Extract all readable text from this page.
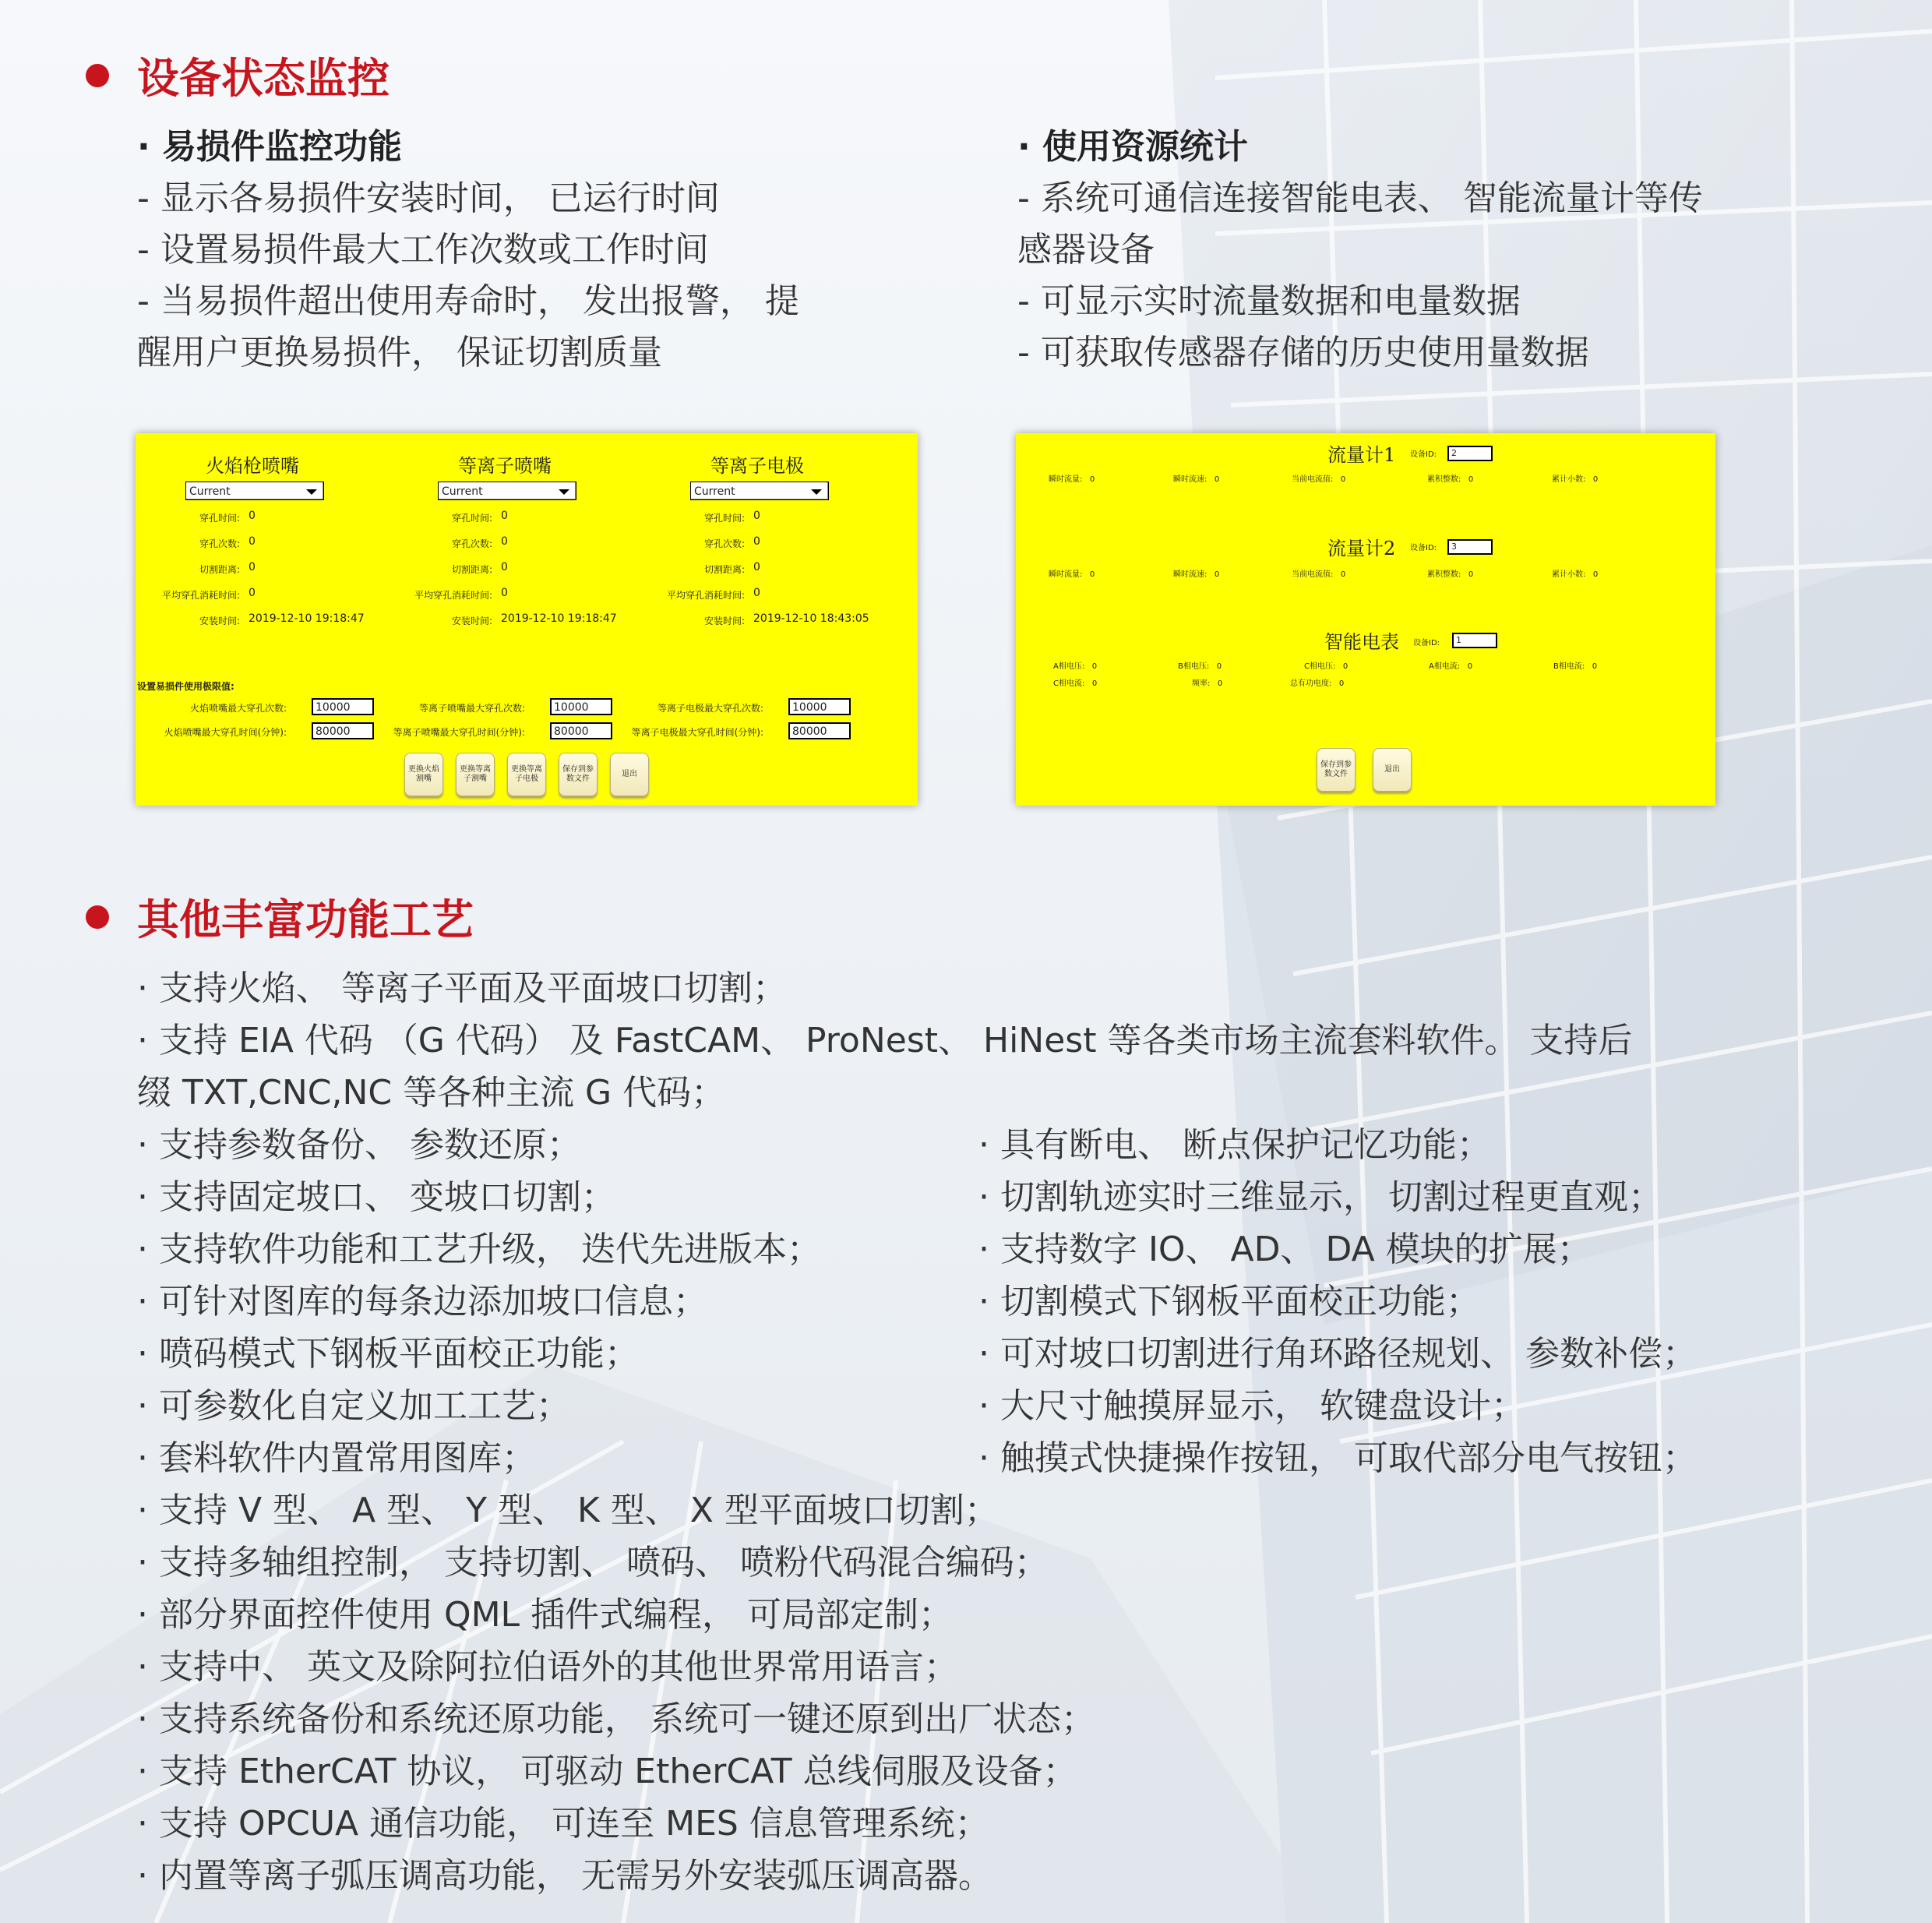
设备状态监控
· 易损件监控功能
- 显示各易损件安装时间， 已运行时间
- 设置易损件最大工作次数或工作时间
- 当易损件超出使用寿命时， 发出报警， 提
醒用户更换易损件， 保证切割质量
· 使用资源统计
- 系统可通信连接智能电表、 智能流量计等传
感器设备
- 可显示实时流量数据和电量数据
- 可获取传感器存储的历史使用量数据
火焰枪喷嘴
Current
穿孔时间: 0
穿孔次数: 0
切割距离: 0
平均穿孔消耗时间: 0
安装时间: 2019-12-10 19:18:47
等离子喷嘴
Current
穿孔时间: 0
穿孔次数: 0
切割距离: 0
平均穿孔消耗时间: 0
安装时间: 2019-12-10 19:18:47
等离子电极
Current
穿孔时间: 0
穿孔次数: 0
切割距离: 0
平均穿孔消耗时间: 0
安装时间: 2019-12-10 18:43:05
设置易损件使用极限值:
火焰喷嘴最大穿孔次数:	10000	等离子喷嘴最大穿孔次数:	10000	等离子电极最大穿孔次数:	10000
火焰喷嘴最大穿孔时间(分钟):	80000	等离子喷嘴最大穿孔时间(分钟):	80000	等离子电极最大穿孔时间(分钟):	80000
更换火焰割嘴
更换等离子割嘴
更换等离子电极
保存到参数文件
退出
流量计1 设备ID:	2
瞬时流量: 0	瞬时流速: 0	当前电流值: 0	累积整数: 0	累计小数: 0
流量计2 设备ID:	3
瞬时流量: 0	瞬时流速: 0	当前电流值: 0	累积整数: 0	累计小数: 0
智能电表 设备ID:	1
A相电压: 0	B相电压: 0	C相电压: 0	A相电流: 0	B相电流: 0
C相电流: 0	频率: 0	总有功电度: 0
保存到参数文件
退出
其他丰富功能工艺
· 支持火焰、 等离子平面及平面坡口切割；
· 支持 EIA 代码 （G 代码） 及 FastCAM、 ProNest、 HiNest 等各类市场主流套料软件。 支持后
缀 TXT,CNC,NC 等各种主流 G 代码；
· 支持参数备份、 参数还原；
· 支持固定坡口、 变坡口切割；
· 支持软件功能和工艺升级， 迭代先进版本；
· 可针对图库的每条边添加坡口信息；
· 喷码模式下钢板平面校正功能；
· 可参数化自定义加工工艺；
· 套料软件内置常用图库；
· 具有断电、 断点保护记忆功能；
· 切割轨迹实时三维显示， 切割过程更直观；
· 支持数字 IO、 AD、 DA 模块的扩展；
· 切割模式下钢板平面校正功能；
· 可对坡口切割进行角环路径规划、 参数补偿；
· 大尺寸触摸屏显示， 软键盘设计；
· 触摸式快捷操作按钮， 可取代部分电气按钮；
· 支持 V 型、 A 型、 Y 型、 K 型、 X 型平面坡口切割；
· 支持多轴组控制， 支持切割、 喷码、 喷粉代码混合编码；
· 部分界面控件使用 QML 插件式编程， 可局部定制；
· 支持中、 英文及除阿拉伯语外的其他世界常用语言；
· 支持系统备份和系统还原功能， 系统可一键还原到出厂状态；
· 支持 EtherCAT 协议， 可驱动 EtherCAT 总线伺服及设备；
· 支持 OPCUA 通信功能， 可连至 MES 信息管理系统；
· 内置等离子弧压调高功能， 无需另外安装弧压调高器。
